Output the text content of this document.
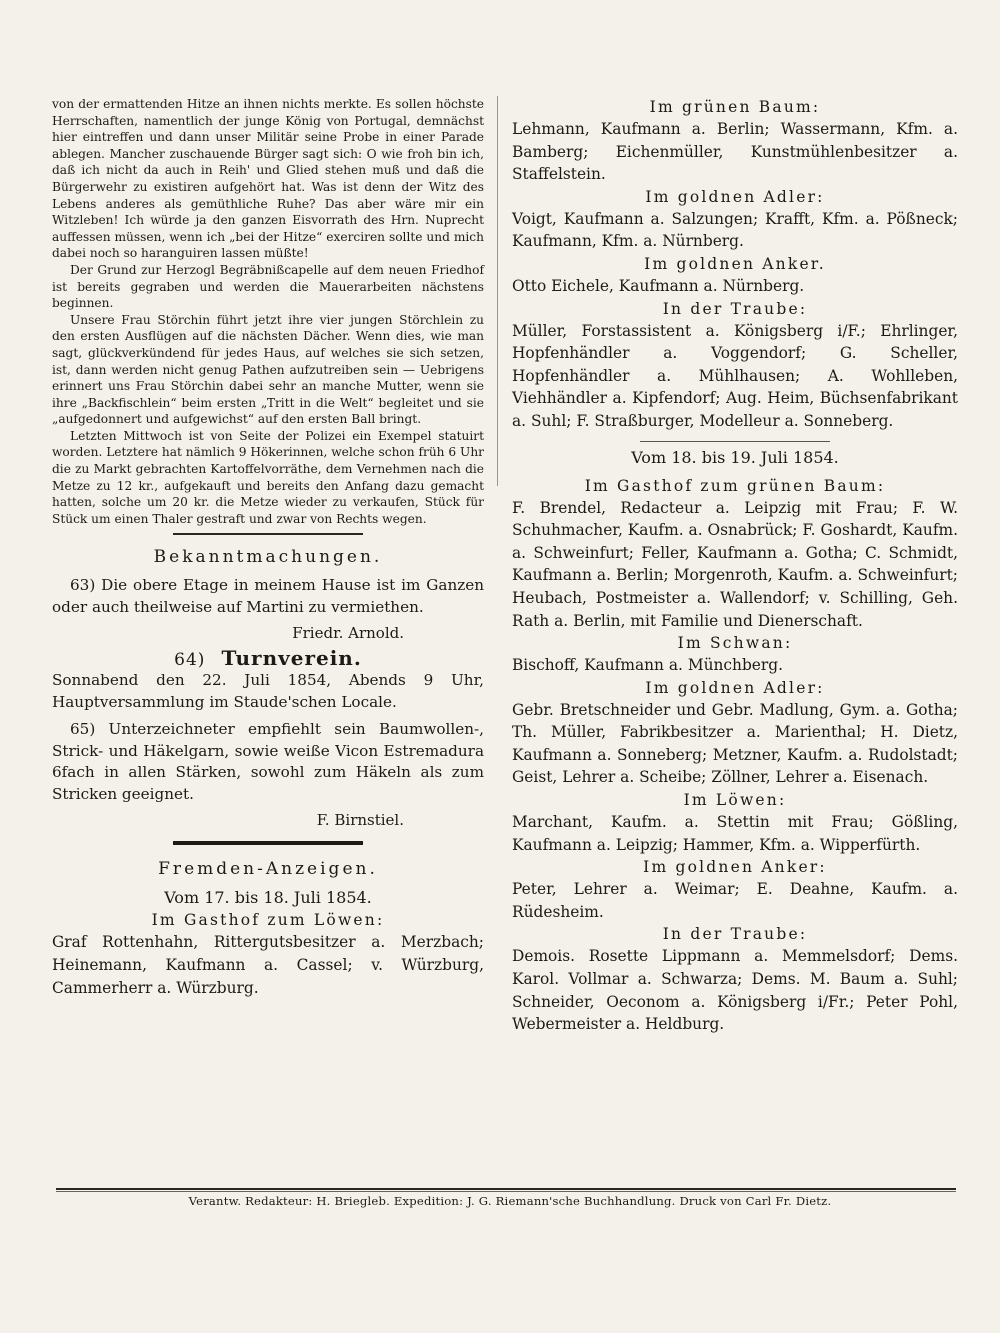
von der ermattenden Hitze an ihnen nichts merkte. Es sollen höchste Herrschaften, namentlich der junge König von Portugal, demnächst hier eintreffen und dann unser Militär seine Probe in einer Parade ablegen. Mancher zuschauende Bürger sagt sich: O wie froh bin ich, daß ich nicht da auch in Reih' und Glied stehen muß und daß die Bürgerwehr zu existiren aufgehört hat. Was ist denn der Witz des Lebens anderes als gemüthliche Ruhe? Das aber wäre mir ein Witzleben! Ich würde ja den ganzen Eisvorrath des Hrn. Nuprecht auffessen müssen, wenn ich „bei der Hitze“ exerciren sollte und mich dabei noch so haranguiren lassen müßte!

Der Grund zur Herzogl Begräbnißcapelle auf dem neuen Friedhof ist bereits gegraben und werden die Mauerarbeiten nächstens beginnen.

Unsere Frau Störchin führt jetzt ihre vier jungen Störchlein zu den ersten Ausflügen auf die nächsten Dächer. Wenn dies, wie man sagt, glückverkündend für jedes Haus, auf welches sie sich setzen, ist, dann werden nicht genug Pathen aufzutreiben sein — Uebrigens erinnert uns Frau Störchin dabei sehr an manche Mutter, wenn sie ihre „Backfischlein“ beim ersten „Tritt in die Welt“ begleitet und sie „aufgedonnert und aufgewichst“ auf den ersten Ball bringt.

Letzten Mittwoch ist von Seite der Polizei ein Exempel statuirt worden. Letztere hat nämlich 9 Hökerinnen, welche schon früh 6 Uhr die zu Markt gebrachten Kartoffelvorräthe, dem Vernehmen nach die Metze zu 12 kr., aufgekauft und bereits den Anfang dazu gemacht hatten, solche um 20 kr. die Metze wieder zu verkaufen, Stück für Stück um einen Thaler gestraft und zwar von Rechts wegen.

Bekanntmachungen.

63) Die obere Etage in meinem Hause ist im Ganzen oder auch theilweise auf Martini zu vermiethen.

Friedr. Arnold.
64) Turnverein.

Sonnabend den 22. Juli 1854, Abends 9 Uhr, Hauptversammlung im Staude'schen Locale.

65) Unterzeichneter empfiehlt sein Baumwollen-, Strick- und Häkelgarn, sowie weiße Vicon Estremadura 6fach in allen Stärken, sowohl zum Häkeln als zum Stricken geeignet.

F. Birnstiel.
Fremden-Anzeigen.
Vom 17. bis 18. Juli 1854.
Im Gasthof zum Löwen:

Graf Rottenhahn, Rittergutsbesitzer a. Merzbach; Heinemann, Kaufmann a. Cassel; v. Würzburg, Cammerherr a. Würzburg.

Im grünen Baum:

Lehmann, Kaufmann a. Berlin; Wassermann, Kfm. a. Bamberg; Eichenmüller, Kunstmühlenbesitzer a. Staffelstein.

Im goldnen Adler:

Voigt, Kaufmann a. Salzungen; Krafft, Kfm. a. Pößneck; Kaufmann, Kfm. a. Nürnberg.

Im goldnen Anker.

Otto Eichele, Kaufmann a. Nürnberg.

In der Traube:

Müller, Forstassistent a. Königsberg i/F.; Ehrlinger, Hopfenhändler a. Voggendorf; G. Scheller, Hopfenhändler a. Mühlhausen; A. Wohlleben, Viehhändler a. Kipfendorf; Aug. Heim, Büchsenfabrikant a. Suhl; F. Straßburger, Modelleur a. Sonneberg.

Vom 18. bis 19. Juli 1854.
Im Gasthof zum grünen Baum:

F. Brendel, Redacteur a. Leipzig mit Frau; F. W. Schuhmacher, Kaufm. a. Osnabrück; F. Goshardt, Kaufm. a. Schweinfurt; Feller, Kaufmann a. Gotha; C. Schmidt, Kaufmann a. Berlin; Morgenroth, Kaufm. a. Schweinfurt; Heubach, Postmeister a. Wallendorf; v. Schilling, Geh. Rath a. Berlin, mit Familie und Dienerschaft.

Im Schwan:

Bischoff, Kaufmann a. Münchberg.

Im goldnen Adler:

Gebr. Bretschneider und Gebr. Madlung, Gym. a. Gotha; Th. Müller, Fabrikbesitzer a. Marienthal; H. Dietz, Kaufmann a. Sonneberg; Metzner, Kaufm. a. Rudolstadt; Geist, Lehrer a. Scheibe; Zöllner, Lehrer a. Eisenach.

Im Löwen:

Marchant, Kaufm. a. Stettin mit Frau; Gößling, Kaufmann a. Leipzig; Hammer, Kfm. a. Wipperfürth.

Im goldnen Anker:

Peter, Lehrer a. Weimar; E. Deahne, Kaufm. a. Rüdesheim.

In der Traube:

Demois. Rosette Lippmann a. Memmelsdorf; Dems. Karol. Vollmar a. Schwarza; Dems. M. Baum a. Suhl; Schneider, Oeconom a. Königsberg i/Fr.; Peter Pohl, Webermeister a. Heldburg.

Verantw. Redakteur: H. Briegleb. Expedition: J. G. Riemann'sche Buchhandlung. Druck von Carl Fr. Dietz.
